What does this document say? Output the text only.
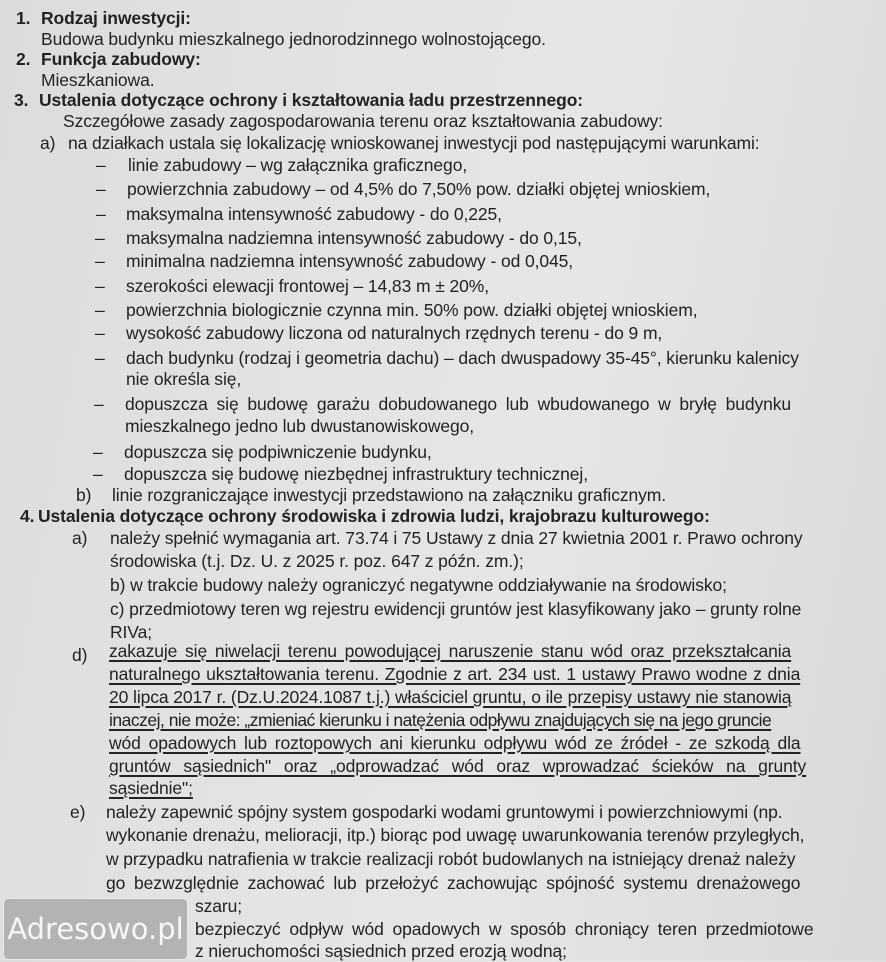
1. Rodzaj inwestycji:
Budowa budynku mieszkalnego jednorodzinnego wolnostojącego.
2. Funkcja zabudowy:
Mieszkaniowa.
3. Ustalenia dotyczące ochrony i kształtowania ładu przestrzennego:
Szczegółowe zasady zagospodarowania terenu oraz kształtowania zabudowy:
a) na działkach ustala się lokalizację wnioskowanej inwestycji pod następującymi warunkami:
– linie zabudowy – wg załącznika graficznego,
– powierzchnia zabudowy – od 4,5% do 7,50% pow. działki objętej wnioskiem,
– maksymalna intensywność zabudowy - do 0,225,
– maksymalna nadziemna intensywność zabudowy - do 0,15,
– minimalna nadziemna intensywność zabudowy - od 0,045,
– szerokości elewacji frontowej – 14,83 m ± 20%,
– powierzchnia biologicznie czynna min. 50% pow. działki objętej wnioskiem,
– wysokość zabudowy liczona od naturalnych rzędnych terenu - do 9 m,
– dach budynku (rodzaj i geometria dachu) – dach dwuspadowy 35-45°, kierunku kalenicy
nie określa się,
– dopuszcza się budowę garażu dobudowanego lub wbudowanego w bryłę budynku
mieszkalnego jedno lub dwustanowiskowego,
– dopuszcza się podpiwniczenie budynku,
– dopuszcza się budowę niezbędnej infrastruktury technicznej,
b) linie rozgraniczające inwestycji przedstawiono na załączniku graficznym.
4. Ustalenia dotyczące ochrony środowiska i zdrowia ludzi, krajobrazu kulturowego:
a) należy spełnić wymagania art. 73.74 i 75 Ustawy z dnia 27 kwietnia 2001 r. Prawo ochrony
środowiska (t.j. Dz. U. z 2025 r. poz. 647 z późn. zm.);
b) w trakcie budowy należy ograniczyć negatywne oddziaływanie na środowisko;
c) przedmiotowy teren wg rejestru ewidencji gruntów jest klasyfikowany jako – grunty rolne
RIVa;
d) zakazuje się niwelacji terenu powodującej naruszenie stanu wód oraz przekształcania
naturalnego ukształtowania terenu. Zgodnie z art. 234 ust. 1 ustawy Prawo wodne z dnia
20 lipca 2017 r. (Dz.U.2024.1087 t.j.) właściciel gruntu, o ile przepisy ustawy nie stanowią
inaczej, nie może: „zmieniać kierunku i natężenia odpływu znajdujących się na jego gruncie
wód opadowych lub roztopowych ani kierunku odpływu wód ze źródeł - ze szkodą dla
gruntów sąsiednich" oraz „odprowadzać wód oraz wprowadzać ścieków na grunty
sąsiednie";
e) należy zapewnić spójny system gospodarki wodami gruntowymi i powierzchniowymi (np.
wykonanie drenażu, melioracji, itp.) biorąc pod uwagę uwarunkowania terenów przyległych,
w przypadku natrafienia w trakcie realizacji robót budowlanych na istniejący drenaż należy
go bezwzględnie zachować lub przełożyć zachowując spójność systemu drenażowego
szaru;
bezpieczyć odpływ wód opadowych w sposób chroniący teren przedmiotowe
z nieruchomości sąsiednich przed erozją wodną;
Adresowo.pl
